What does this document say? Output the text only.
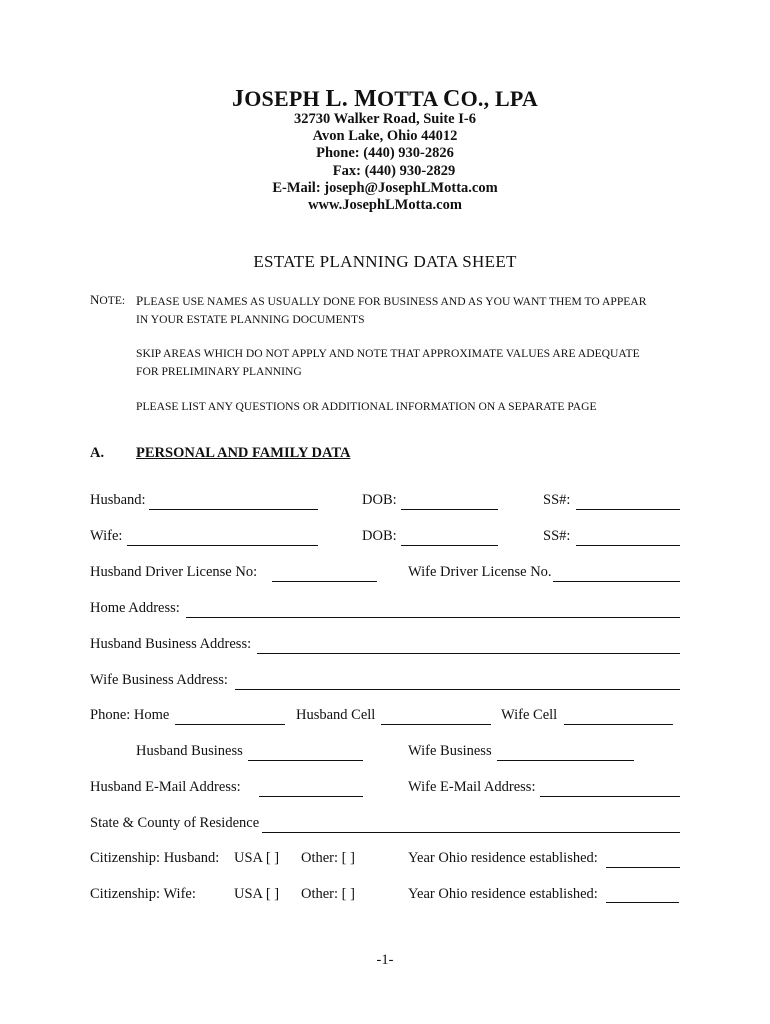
JOSEPH L. MOTTA CO., LPA
32730 Walker Road, Suite I-6
Avon Lake, Ohio 44012
Phone: (440) 930-2826
Fax: (440) 930-2829
E-Mail: joseph@JosephLMotta.com
www.JosephLMotta.com
ESTATE PLANNING DATA SHEET
NOTE: PLEASE USE NAMES AS USUALLY DONE FOR BUSINESS AND AS YOU WANT THEM TO APPEAR
IN YOUR ESTATE PLANNING DOCUMENTS
SKIP AREAS WHICH DO NOT APPLY AND NOTE THAT APPROXIMATE VALUES ARE ADEQUATE
FOR PRELIMINARY PLANNING
PLEASE LIST ANY QUESTIONS OR ADDITIONAL INFORMATION ON A SEPARATE PAGE
A. PERSONAL AND FAMILY DATA
Husband:	DOB:	SS#:
Wife:	DOB:	SS#:
Husband Driver License No:	Wife Driver License No.
Home Address:
Husband Business Address:
Wife Business Address:
Phone: Home	Husband Cell	Wife Cell
Husband Business	Wife Business
Husband E-Mail Address:	Wife E-Mail Address:
State & County of Residence
Citizenship: Husband: USA [ ] Other: [ ]	Year Ohio residence established:
Citizenship: Wife:	USA [ ] Other: [ ]	Year Ohio residence established:
-1-
